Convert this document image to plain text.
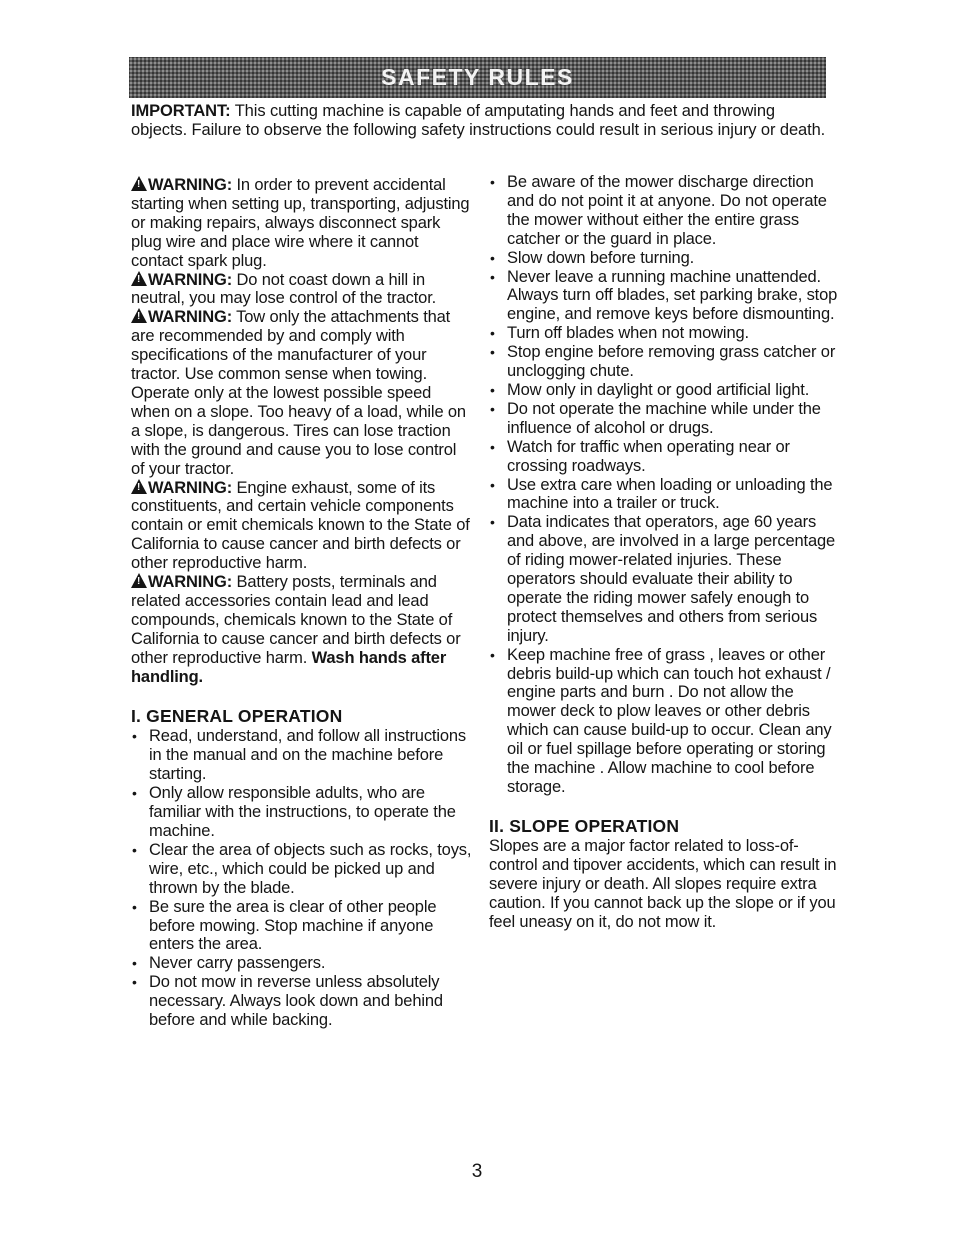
SAFETY RULES
IMPORTANT: This cutting machine is capable of amputating hands and feet and throwing objects. Failure to observe the following safety instructions could result in serious injury or death.

!WARNING: In order to prevent accidental starting when setting up, transporting, adjusting or making repairs, always disconnect spark plug wire and place wire where it cannot contact spark plug.

!WARNING: Do not coast down a hill in neutral, you may lose control of the tractor.

!WARNING: Tow only the attachments that are recommended by and comply with specifications of the manufacturer of your tractor. Use common sense when towing. Operate only at the lowest possible speed when on a slope. Too heavy of a load, while on a slope, is dangerous. Tires can lose traction with the ground and cause you to lose control of your tractor.

!WARNING: Engine exhaust, some of its constituents, and certain vehicle components contain or emit chemicals known to the State of California to cause cancer and birth defects or other reproductive harm.

!WARNING: Battery posts, terminals and related accessories contain lead and lead compounds, chemicals known to the State of California to cause cancer and birth defects or other reproductive harm. Wash hands after handling.

I. GENERAL OPERATION
• Read, understand, and follow all instructions in the manual and on the machine before starting.
• Only allow responsible adults, who are familiar with the instructions, to operate the machine.
• Clear the area of objects such as rocks, toys, wire, etc., which could be picked up and thrown by the blade.
• Be sure the area is clear of other people before mowing. Stop machine if anyone enters the area.
• Never carry passengers.
• Do not mow in reverse unless absolutely necessary. Always look down and behind before and while backing.
• Be aware of the mower discharge direction and do not point it at anyone. Do not operate the mower without either the entire grass catcher or the guard in place.
• Slow down before turning.
• Never leave a running machine unattended. Always turn off blades, set parking brake, stop engine, and remove keys before dismounting.
• Turn off blades when not mowing.
• Stop engine before removing grass catcher or unclogging chute.
• Mow only in daylight or good artificial light.
• Do not operate the machine while under the influence of alcohol or drugs.
• Watch for traffic when operating near or crossing roadways.
• Use extra care when loading or unloading the machine into a trailer or truck.
• Data indicates that operators, age 60 years and above, are involved in a large percentage of riding mower-related injuries. These operators should evaluate their ability to operate the riding mower safely enough to protect themselves and others from serious injury.
• Keep machine free of grass , leaves or other debris build-up which can touch hot exhaust / engine parts and burn . Do not allow the mower deck to plow leaves or other debris which can cause build-up to occur. Clean any oil or fuel spillage before operating or storing the machine . Allow machine to cool before storage.
II. SLOPE OPERATION

Slopes are a major factor related to loss-of-control and tipover accidents, which can result in severe injury or death. All slopes require extra caution. If you cannot back up the slope or if you feel uneasy on it, do not mow it.

3
